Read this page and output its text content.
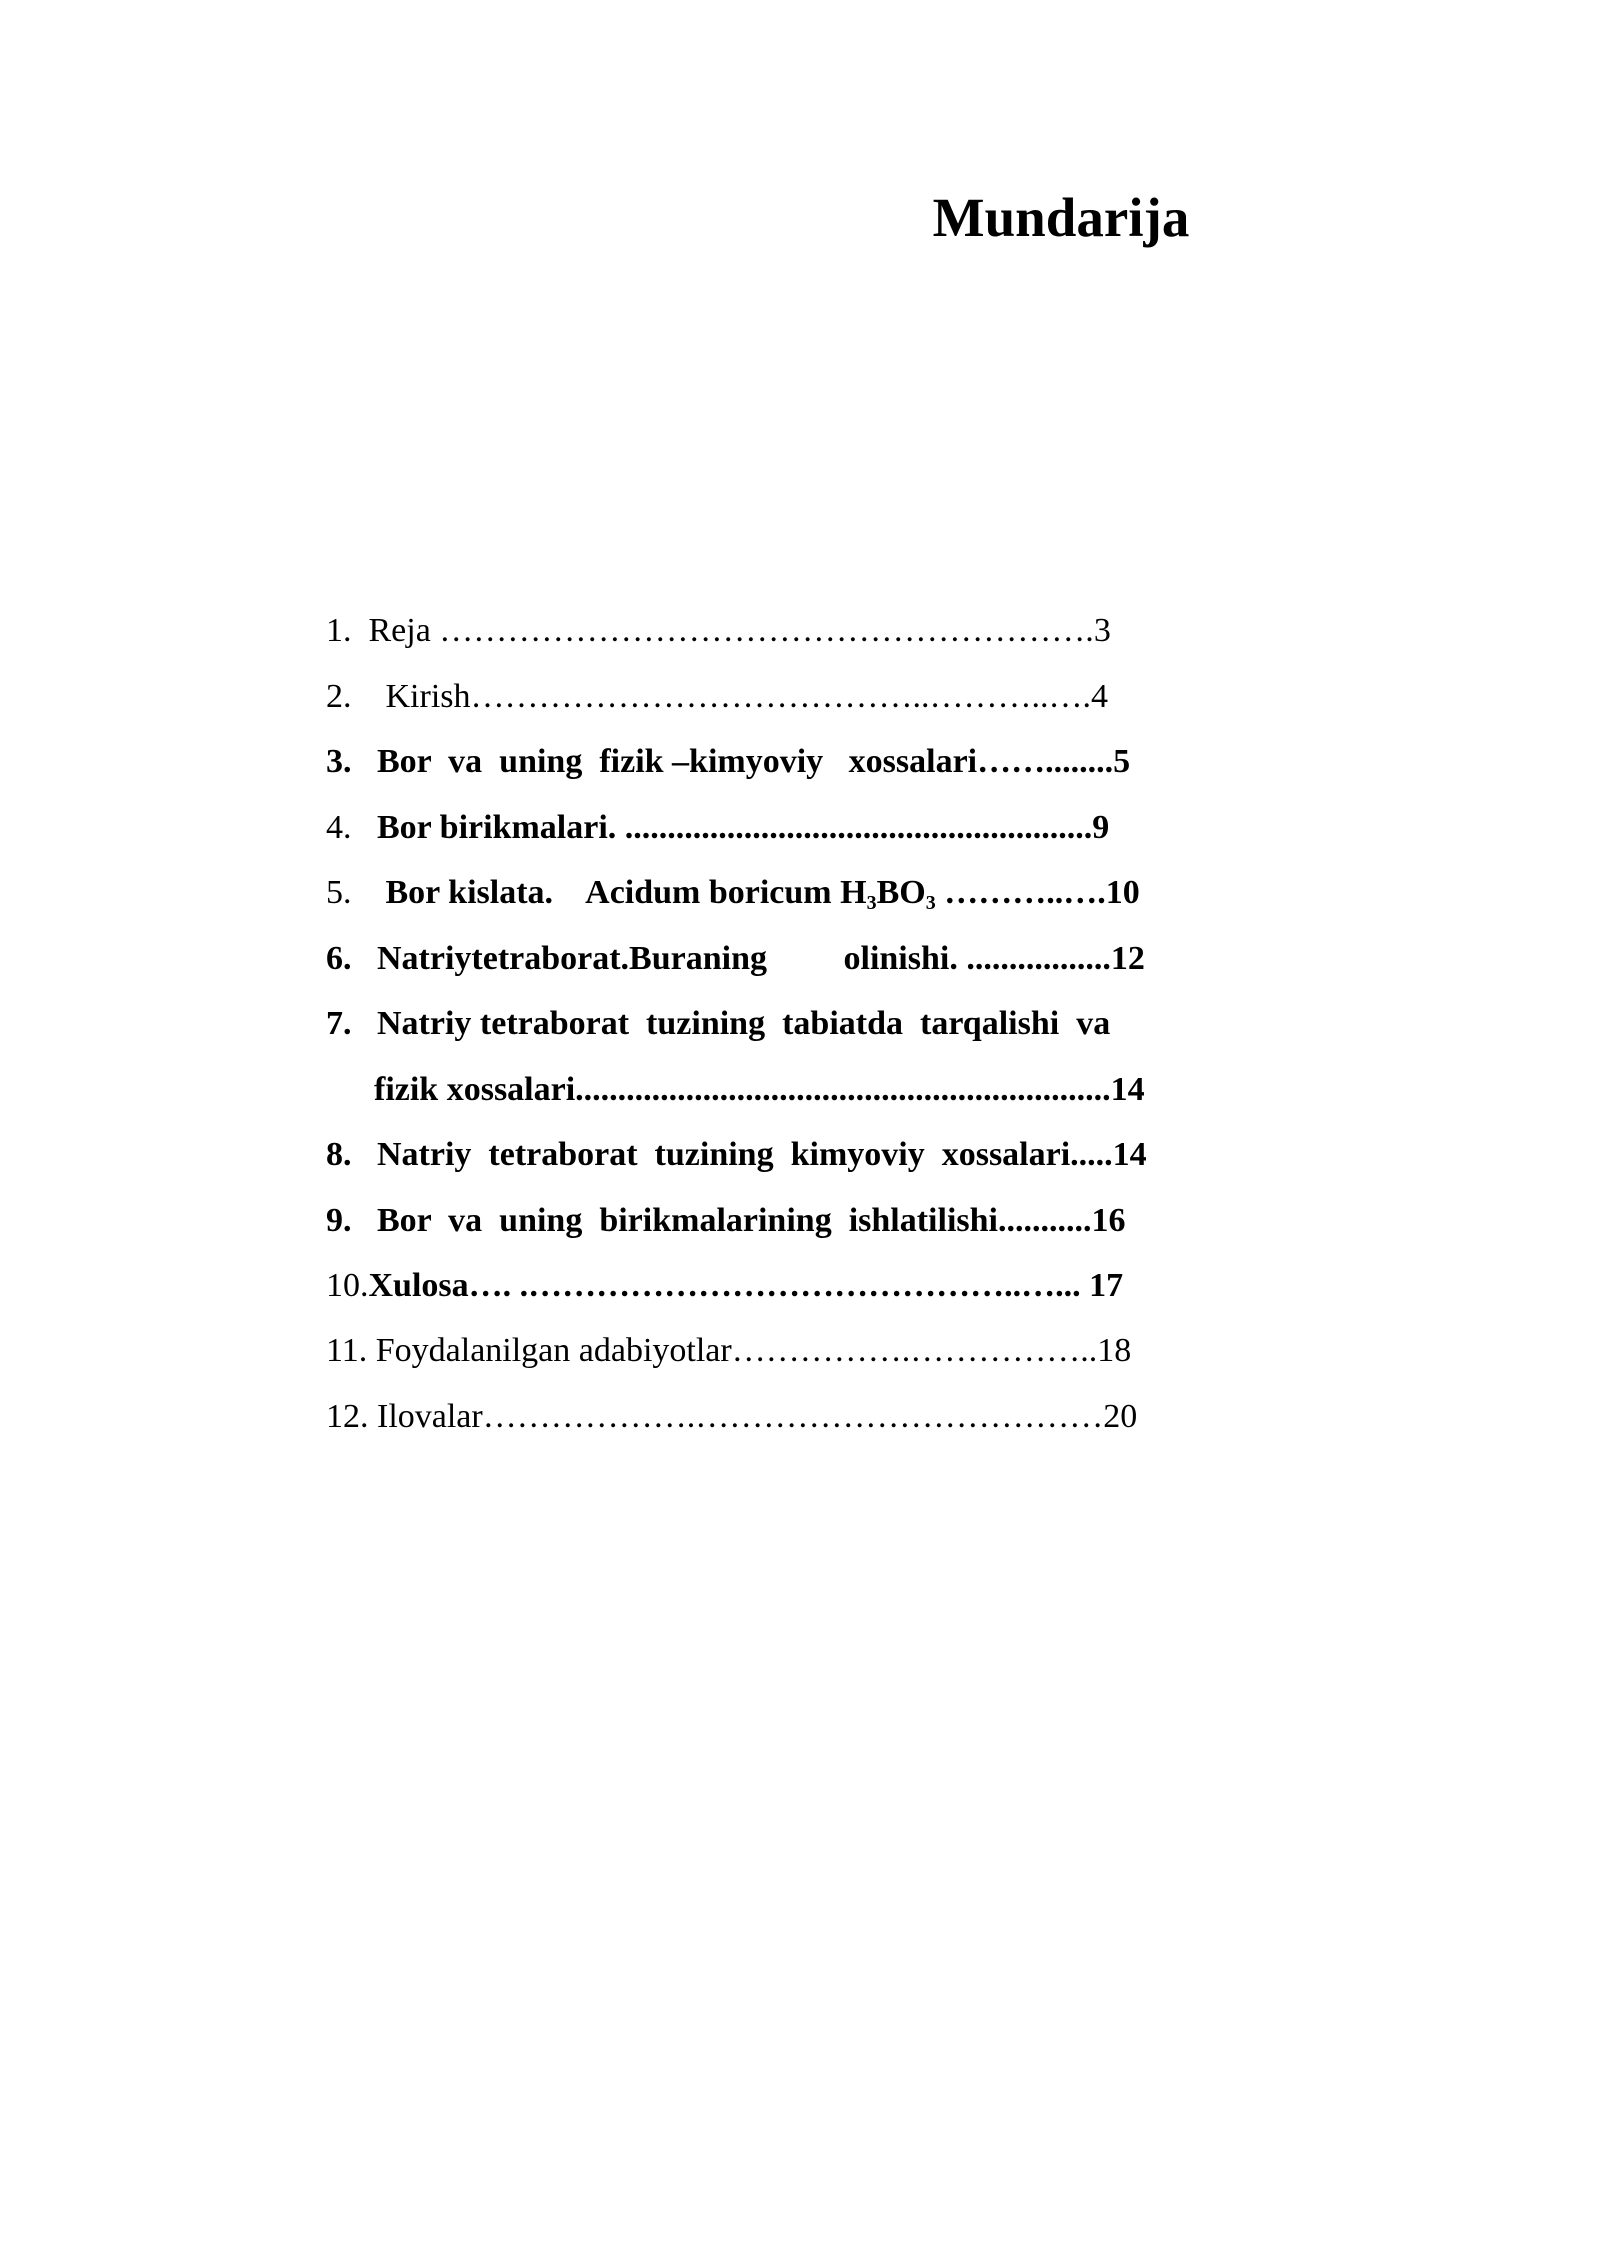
Mundarija
1.  Reja ………………………………………………….3
2.    Kirish…………………………………..………..….4
3.   Bor  va  uning  fizik –kimyoviy   xossalari……........5
4.   Bor birikmalari. .......................................................9
5.    Bor kislata.    Acidum boricum $H_3BO_3$ ………..….10
6.   Natriytetraborat.Buraning         olinishi. .................12
7.   Natriy tetraborat  tuzining  tabiatda  tarqalishi  va
fizik xossalari...............................................................14
8.   Natriy  tetraborat  tuzining  kimyoviy  xossalari.....14
9.   Bor  va  uning  birikmalarining  ishlatilishi...........16
10.Xulosa…. .……………………………………..…... 17
11. Foydalanilgan adabiyotlar…………….……………..18
12. Ilovalar……………….………………………………20
